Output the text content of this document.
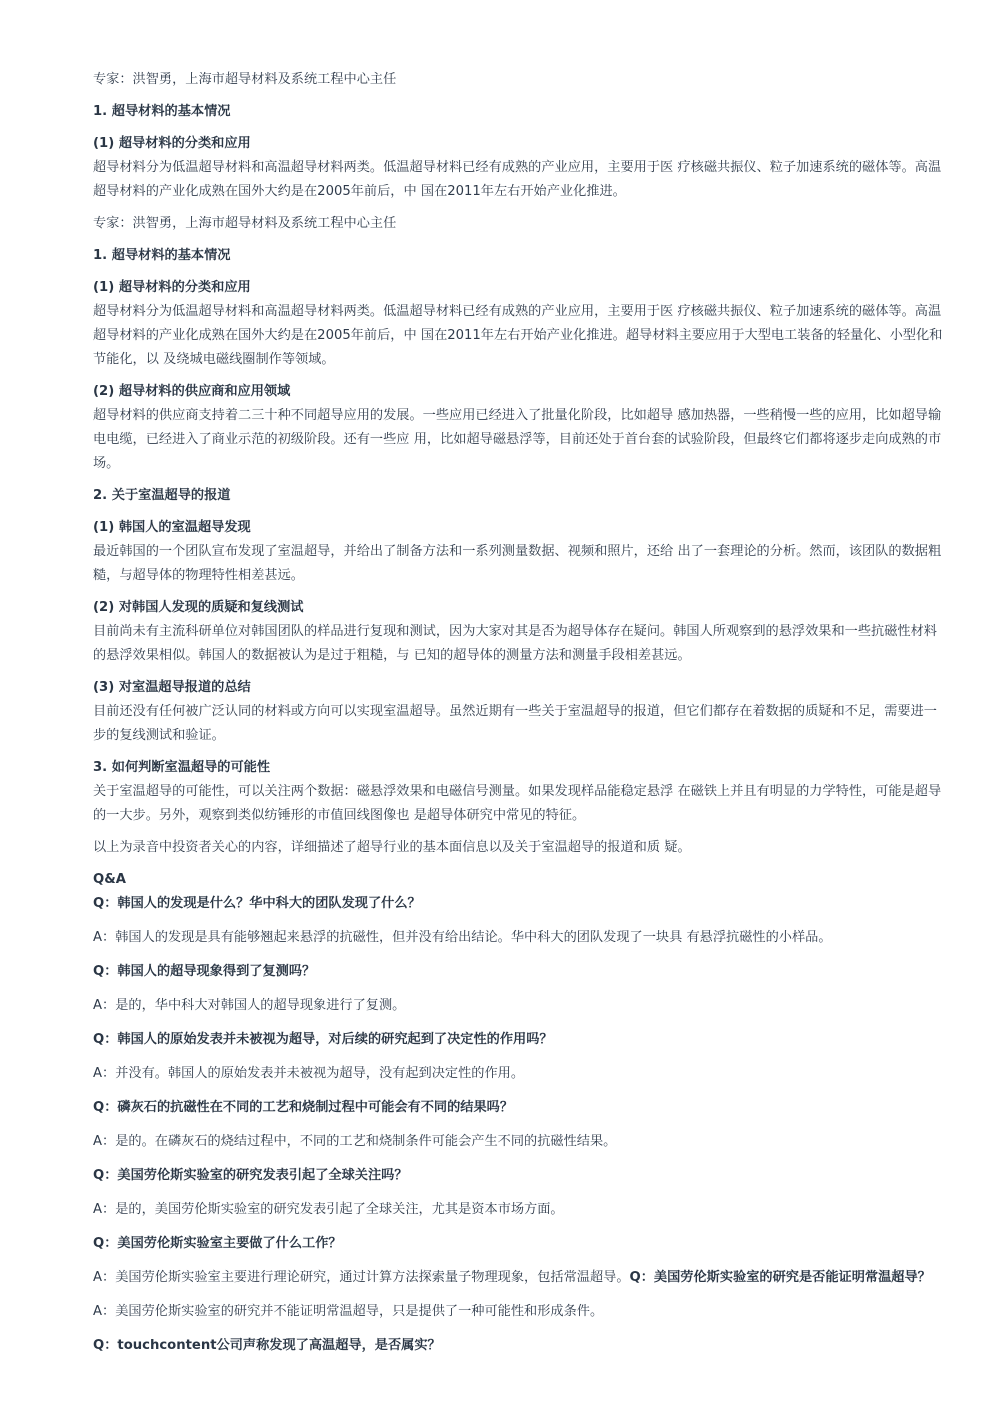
专家：洪智勇，上海市超导材料及系统工程中心主任
1. 超导材料的基本情况
(1) 超导材料的分类和应用
超导材料分为低温超导材料和高温超导材料两类。低温超导材料已经有成熟的产业应用，主要用于医 疗核磁共振仪、粒子加速系统的磁体等。高温超导材料的产业化成熟在国外大约是在2005年前后，中 国在2011年左右开始产业化推进。
专家：洪智勇，上海市超导材料及系统工程中心主任
1. 超导材料的基本情况
(1) 超导材料的分类和应用
超导材料分为低温超导材料和高温超导材料两类。低温超导材料已经有成熟的产业应用，主要用于医 疗核磁共振仪、粒子加速系统的磁体等。高温超导材料的产业化成熟在国外大约是在2005年前后，中 国在2011年左右开始产业化推进。超导材料主要应用于大型电工装备的轻量化、小型化和节能化，以 及绕城电磁线圈制作等领域。
(2) 超导材料的供应商和应用领域
超导材料的供应商支持着二三十种不同超导应用的发展。一些应用已经进入了批量化阶段，比如超导 感加热器，一些稍慢一些的应用，比如超导输电电缆，已经进入了商业示范的初级阶段。还有一些应 用，比如超导磁悬浮等，目前还处于首台套的试验阶段，但最终它们都将逐步走向成熟的市场。
2. 关于室温超导的报道
(1) 韩国人的室温超导发现
最近韩国的一个团队宣布发现了室温超导，并给出了制备方法和一系列测量数据、视频和照片，还给 出了一套理论的分析。然而，该团队的数据粗糙，与超导体的物理特性相差甚远。
(2) 对韩国人发现的质疑和复线测试
目前尚未有主流科研单位对韩国团队的样品进行复现和测试，因为大家对其是否为超导体存在疑问。韩国人所观察到的悬浮效果和一些抗磁性材料的悬浮效果相似。韩国人的数据被认为是过于粗糙，与 已知的超导体的测量方法和测量手段相差甚远。
(3) 对室温超导报道的总结
目前还没有任何被广泛认同的材料或方向可以实现室温超导。虽然近期有一些关于室温超导的报道，但它们都存在着数据的质疑和不足，需要进一步的复线测试和验证。
3. 如何判断室温超导的可能性
关于室温超导的可能性，可以关注两个数据：磁悬浮效果和电磁信号测量。如果发现样品能稳定悬浮 在磁铁上并且有明显的力学特性，可能是超导的一大步。另外，观察到类似纺锤形的市值回线图像也 是超导体研究中常见的特征。
以上为录音中投资者关心的内容，详细描述了超导行业的基本面信息以及关于室温超导的报道和质 疑。
Q&A
Q：韩国人的发现是什么？华中科大的团队发现了什么？
A：韩国人的发现是具有能够翘起来悬浮的抗磁性，但并没有给出结论。华中科大的团队发现了一块具 有悬浮抗磁性的小样品。
Q：韩国人的超导现象得到了复测吗？
A：是的，华中科大对韩国人的超导现象进行了复测。
Q：韩国人的原始发表并未被视为超导，对后续的研究起到了决定性的作用吗？
A：并没有。韩国人的原始发表并未被视为超导，没有起到决定性的作用。
Q：磷灰石的抗磁性在不同的工艺和烧制过程中可能会有不同的结果吗？
A：是的。在磷灰石的烧结过程中，不同的工艺和烧制条件可能会产生不同的抗磁性结果。
Q：美国劳伦斯实验室的研究发表引起了全球关注吗？
A：是的，美国劳伦斯实验室的研究发表引起了全球关注，尤其是资本市场方面。
Q：美国劳伦斯实验室主要做了什么工作？
A：美国劳伦斯实验室主要进行理论研究，通过计算方法探索量子物理现象，包括常温超导。Q：美国劳伦斯实验室的研究是否能证明常温超导？
A：美国劳伦斯实验室的研究并不能证明常温超导，只是提供了一种可能性和形成条件。
Q：touchcontent公司声称发现了高温超导，是否属实？
